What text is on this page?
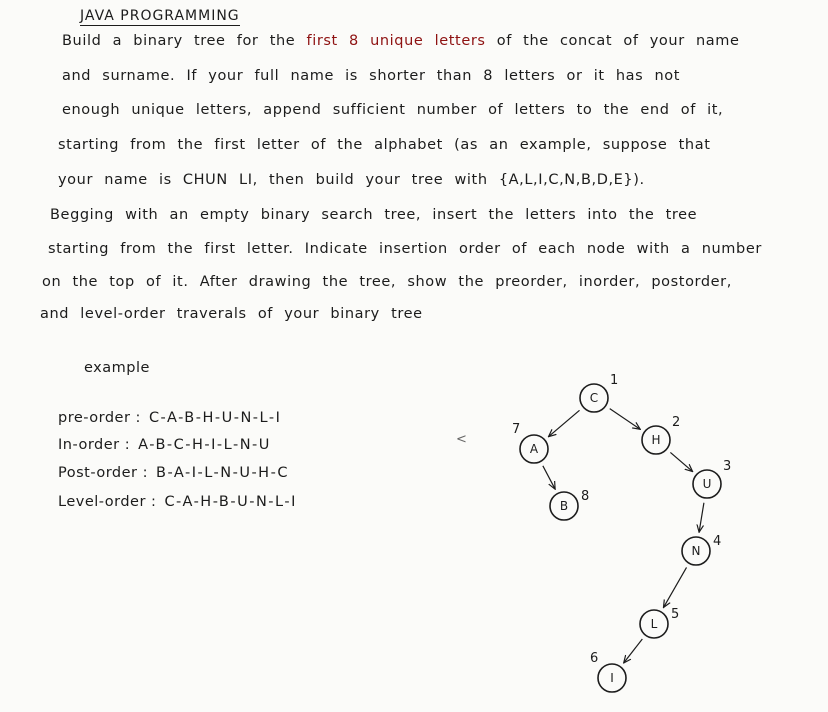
JAVA PROGRAMMING
Build a binary tree for the first 8 unique letters of the concat of your name
and surname. If your full name is shorter than 8 letters or it has not
enough unique letters, append sufficient number of letters to the end of it,
starting from the first letter of the alphabet (as an example, suppose that
your name is CHUN LI, then build your tree with {A,L,I,C,N,B,D,E}).
Begging with an empty binary search tree, insert the letters into the tree
starting from the first letter. Indicate insertion order of each node with a number
on the top of it. After drawing the tree, show the preorder, inorder, postorder,
and level-order traverals of your binary tree
example
pre-order : C-A-B-H-U-N-L-I
In-order : A-B-C-H-I-L-N-U
Post-order : B-A-I-L-N-U-H-C
Level-order : C-A-H-B-U-N-L-I
<
C
1
H
2
U
3
N
4
L
5
I
6
A
7
B
8
